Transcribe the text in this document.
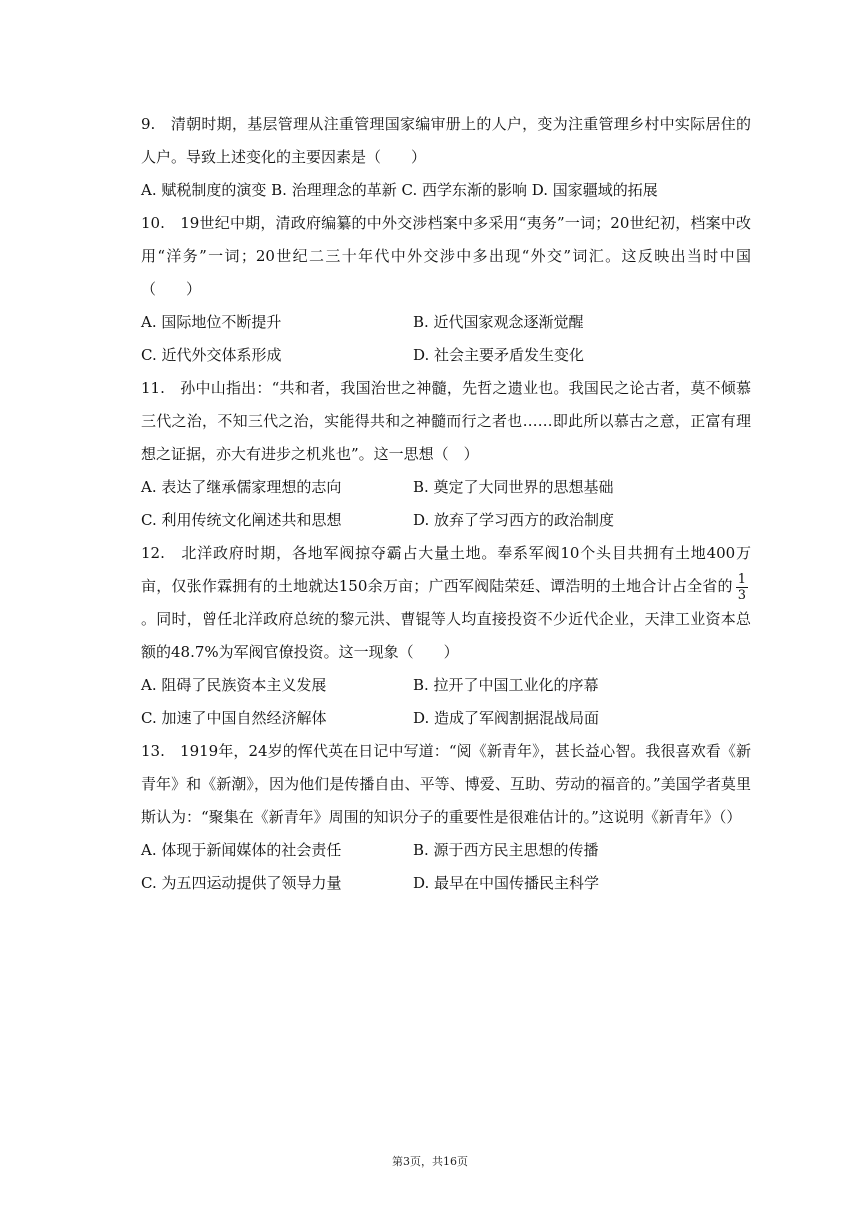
9.　清朝时期，基层管理从注重管理国家编审册上的人户，变为注重管理乡村中实际居住的人户。导致上述变化的主要因素是（　　）

A. 赋税制度的演变 B. 治理理念的革新 C. 西学东渐的影响 D. 国家疆域的拓展

10.　19世纪中期，清政府编纂的中外交涉档案中多采用“夷务”一词；20世纪初，档案中改用“洋务”一词；20世纪二三十年代中外交涉中多出现“外交”词汇。这反映出当时中国（　　）

A. 国际地位不断提升	B. 近代国家观念逐渐觉醒
C. 近代外交体系形成	D. 社会主要矛盾发生变化

11.　孙中山指出：“共和者，我国治世之神髓，先哲之遗业也。我国民之论古者，莫不倾慕三代之治，不知三代之治，实能得共和之神髓而行之者也……即此所以慕古之意，正富有理想之证据，亦大有进步之机兆也”。这一思想（　）

A. 表达了继承儒家理想的志向	B. 奠定了大同世界的思想基础
C. 利用传统文化阐述共和思想	D. 放弃了学习西方的政治制度

12.　北洋政府时期，各地军阀掠夺霸占大量土地。奉系军阀10个头目共拥有土地400万亩，仅张作霖拥有的土地就达150余万亩；广西军阀陆荣廷、谭浩明的土地合计占全省的 $\frac{1}{3}$
。同时，曾任北洋政府总统的黎元洪、曹锟等人均直接投资不少近代企业，天津工业资本总额的48.7%为军阀官僚投资。这一现象（　　）

A. 阻碍了民族资本主义发展	B. 拉开了中国工业化的序幕
C. 加速了中国自然经济解体	D. 造成了军阀割据混战局面

13.　1919年，24岁的恽代英在日记中写道：“阅《新青年》，甚长益心智。我很喜欢看《新青年》和《新潮》，因为他们是传播自由、平等、博爱、互助、劳动的福音的。”美国学者莫里斯认为：“聚集在《新青年》周围的知识分子的重要性是很难估计的。”这说明《新青年》（）

A. 体现于新闻媒体的社会责任	B. 源于西方民主思想的传播
C. 为五四运动提供了领导力量	D. 最早在中国传播民主科学
第3页，共16页
